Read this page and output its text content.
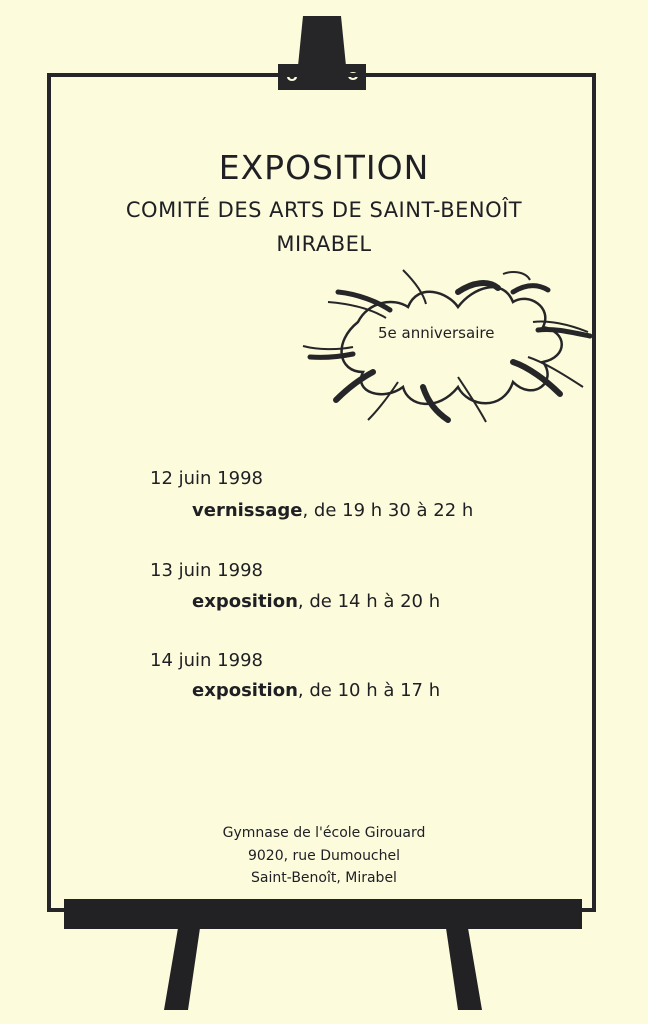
EXPOSITION
COMITÉ DES ARTS DE SAINT-BENOÎT
MIRABEL
5e anniversaire
12 juin 1998
vernissage, de 19 h 30 à 22 h
13 juin 1998
exposition, de 14 h à 20 h
14 juin 1998
exposition, de 10 h à 17 h
Gymnase de l'école Girouard
9020, rue Dumouchel
Saint-Benoît, Mirabel
